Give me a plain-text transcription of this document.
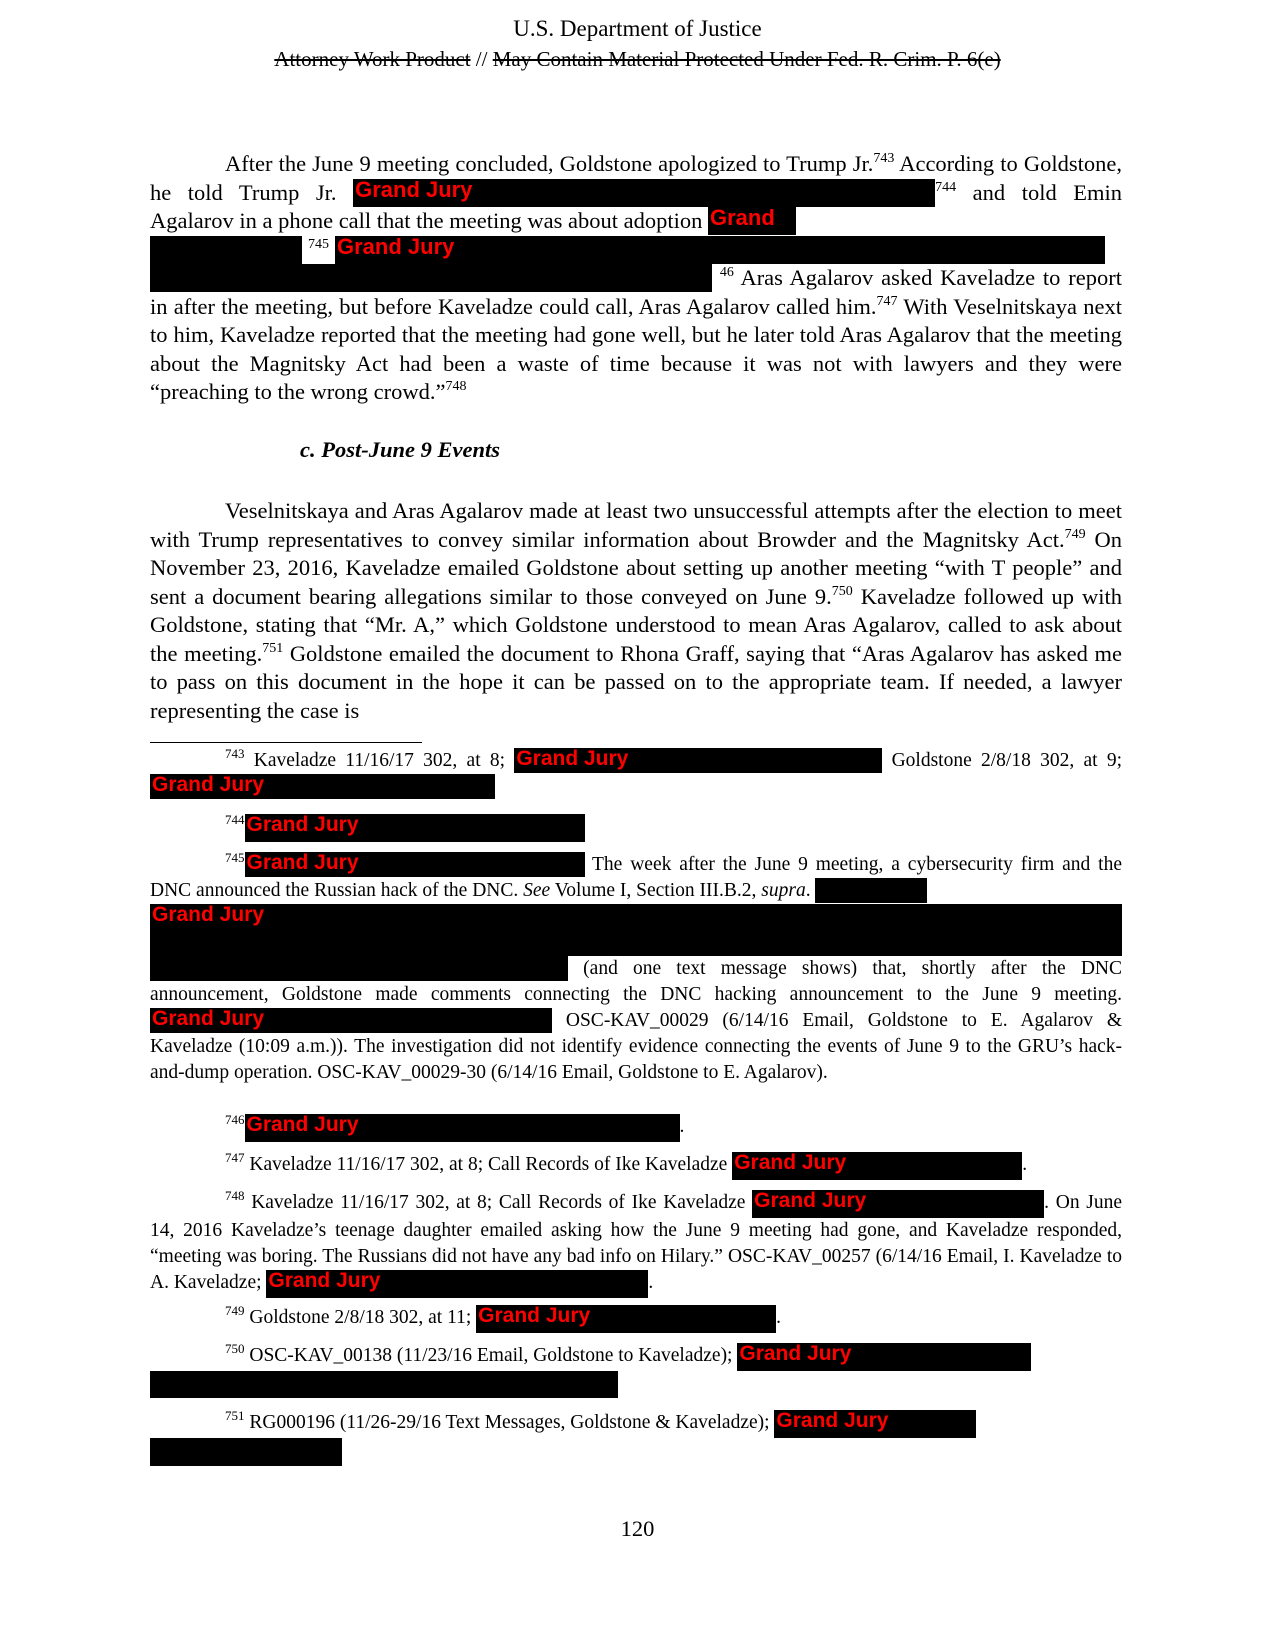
U.S. Department of Justice
Attorney Work Product // May Contain Material Protected Under Fed. R. Crim. P. 6(e)
After the June 9 meeting concluded, Goldstone apologized to Trump Jr.$^{743}$ According to Goldstone, he told Trump Jr. Grand Jury	$^{744}$ and told Emin Agalarov in a phone call that the meeting was about adoption Grand
$^{745}$ Grand Jury
$^{46}$ Aras Agalarov asked Kaveladze to report in after the meeting, but before Kaveladze could call, Aras Agalarov called him.$^{747}$ With Veselnitskaya next to him, Kaveladze reported that the meeting had gone well, but he later told Aras Agalarov that the meeting about the Magnitsky Act had been a waste of time because it was not with lawyers and they were “preaching to the wrong crowd.”$^{748}$
c. Post-June 9 Events
Veselnitskaya and Aras Agalarov made at least two unsuccessful attempts after the election to meet with Trump representatives to convey similar information about Browder and the Magnitsky Act.$^{749}$ On November 23, 2016, Kaveladze emailed Goldstone about setting up another meeting “with T people” and sent a document bearing allegations similar to those conveyed on June 9.$^{750}$ Kaveladze followed up with Goldstone, stating that “Mr. A,” which Goldstone understood to mean Aras Agalarov, called to ask about the meeting.$^{751}$ Goldstone emailed the document to Rhona Graff, saying that “Aras Agalarov has asked me to pass on this document in the hope it can be passed on to the appropriate team. If needed, a lawyer representing the case is
$^{743}$ Kaveladze 11/16/17 302, at 8; Grand Jury	Goldstone 2/8/18 302, at 9; Grand Jury
$^{744}$Grand Jury
$^{745}$Grand Jury	The week after the June 9 meeting, a cybersecurity firm and the DNC announced the Russian hack of the DNC. See Volume I, Section III.B.2, supra.
Grand Jury
(and one text message shows) that, shortly after the DNC announcement, Goldstone made comments connecting the DNC hacking announcement to the June 9 meeting. Grand Jury	OSC-KAV_00029 (6/14/16 Email, Goldstone to E. Agalarov & Kaveladze (10:09 a.m.)). The investigation did not identify evidence connecting the events of June 9 to the GRU’s hack-and-dump operation. OSC-KAV_00029-30 (6/14/16 Email, Goldstone to E. Agalarov).
$^{746}$Grand Jury	.
$^{747}$ Kaveladze 11/16/17 302, at 8; Call Records of Ike Kaveladze Grand Jury	.
$^{748}$ Kaveladze 11/16/17 302, at 8; Call Records of Ike Kaveladze Grand Jury	. On June 14, 2016 Kaveladze’s teenage daughter emailed asking how the June 9 meeting had gone, and Kaveladze responded, “meeting was boring. The Russians did not have any bad info on Hilary.” OSC-KAV_00257 (6/14/16 Email, I. Kaveladze to A. Kaveladze; Grand Jury	.
$^{749}$ Goldstone 2/8/18 302, at 11; Grand Jury	.
$^{750}$ OSC-KAV_00138 (11/23/16 Email, Goldstone to Kaveladze); Grand Jury

$^{751}$ RG000196 (11/26-29/16 Text Messages, Goldstone & Kaveladze); Grand Jury

120
